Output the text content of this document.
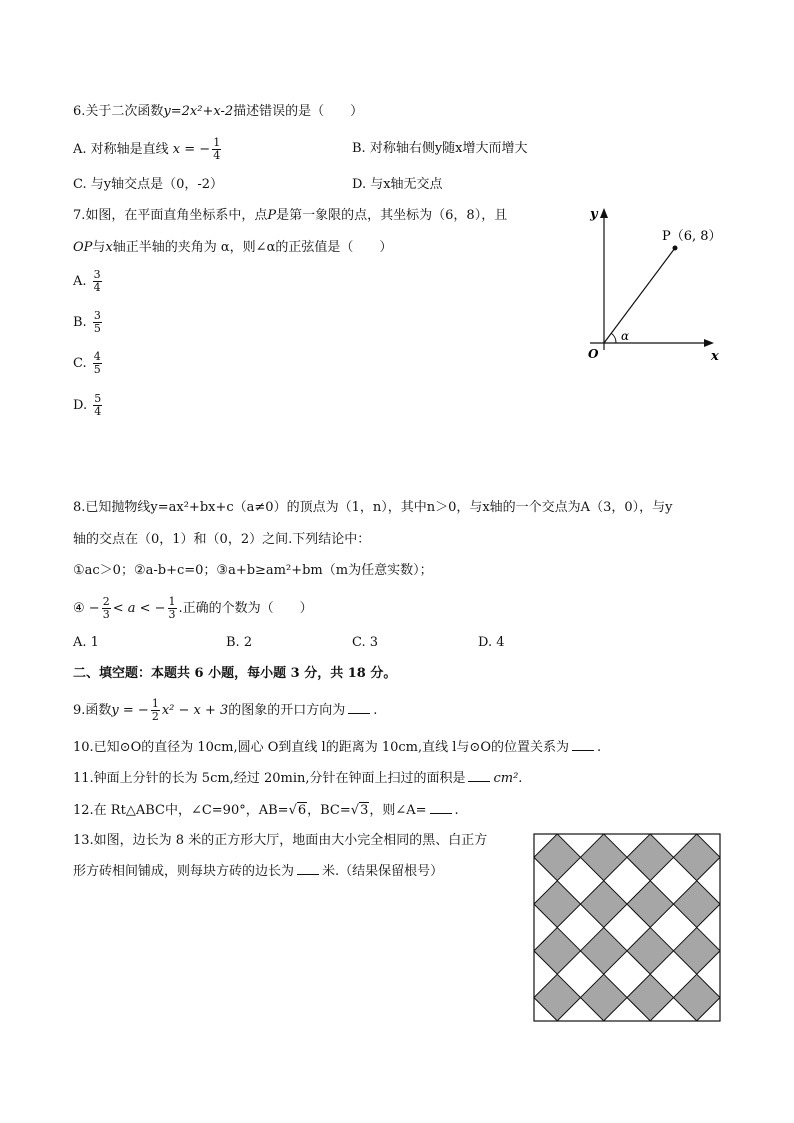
6.关于二次函数y=2x²+x-2描述错误的是（　　）
A. 对称轴是直线 x = − $\frac{1}{4}$	B. 对称轴右侧y随x增大而增大
C. 与y轴交点是（0，-2）	D. 与x轴无交点
7.如图，在平面直角坐标系中，点P是第一象限的点，其坐标为（6，8），且
OP与x轴正半轴的夹角为 α，则∠α的正弦值是（　　）
A. $\frac{3}{4}$
B. $\frac{3}{5}$
C. $\frac{4}{5}$
D. $\frac{5}{4}$
y
x
O
P（6, 8）
α
8.已知抛物线y=ax²+bx+c（a≠0）的顶点为（1，n），其中n＞0，与x轴的一个交点为A（3，0），与y
轴的交点在（0，1）和（0，2）之间.下列结论中：
①ac＞0；②a-b+c=0；③a+b≥am²+bm（m为任意实数）；
④ − $\frac{2}{3} < a$ < − $\frac{1}{3}$ .正确的个数为（　　）
A. 1	B. 2	C. 3	D. 4
二、填空题：本题共 6 小题，每小题 3 分，共 18 分。
9.函数y = − $\frac{1}{2} x^2 - x + 3$的图象的开口方向为 .
10.已知⊙O的直径为 10cm,圆心 O到直线 l的距离为 10cm,直线 l与⊙O的位置关系为 .
11.钟面上分针的长为 5cm,经过 20min,分针在钟面上扫过的面积是 cm².
12.在 Rt△ABC中，∠C=90°，AB=√6，BC=√3，则∠A= .
13.如图，边长为 8 米的正方形大厅，地面由大小完全相同的黑、白正方
形方砖相间铺成，则每块方砖的边长为 米.（结果保留根号）
